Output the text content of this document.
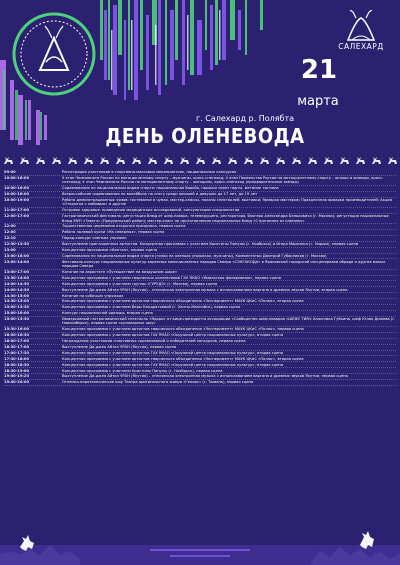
САЛЕХАРД
21
марта
г. Салехард р. Полябта
ДЕНЬ ОЛЕНЕВОДА
09:00	Регистрация участников в спортивно-массовых мероприятиях, национальных конкурсах
10:00-16:00	5 этап Чемпионата России по мотоциклетному спорту – мужчины, кросс-снегоход; 4 этап Первенства России по мотоциклетному спорту – юноши и юниоры, кросс-снегоход; 4 этап Чемпионата России по мотоциклетному спорту – женщины, кросс-снегоход (предварительные заезды)
10:00-16:00	Соревнования по национальным видам спорта: национальная борьба, прыжки через нарты, метание тынзяна
10:00-16:00	Всероссийские соревнования по волейболу на снегу среди юношей и девушек до 17 лет, до 19 лет
10:00-19:00	Работа демонстрационных чумов: гостеванье в чумах, мастер-классы, показы спектаклей, выставки; Ярмарка мастеров; Праздничная ярмарка производителей; Акция «Открытка с любовью» и другие
11:00-17:00	Островок здоровья: проведение медицинских исследований, консультации специалистов
12:00-17:00	Гастрономический фестиваль: дегустация блюд от шеф-повара, телеведущего, ресторатора, блогера Александра Бельковича (г. Москва); дегустация национальных блюд МУП «Тавэтэ» (Приуральский район); мастер-класс по приготовлению национальных блюд «Строганина из оленины»
12:00	Торжественная церемония открытия праздника, первая сцена
12:00	Работа полевой кухни «На северных», первая сцена
12:10	Парад-конкурс оленьих упряжек
12:30-13:30	Выступление приглашенных артистов. Концертная программа с участием Кристины Пипулы (г. Ноябрьск) и Игоря Марочека (г. Надым), первая сцена
13:00	Концертная программа «Фонтан», первая сцена
13:00-18:00	Соревнования по национальным видам спорта (гонки на оленьих упряжках, мужчины), Комментатор Дмитрий Губарников (г. Москва)
13:00-14:00	Фестиваль-конкурс национальных культур коренных малочисленных народов Севера «СЭНГАКОДА» в Ярановской городской инсценировки обряда и других малых народов Севера
13:00-17:00	Катание на аэростате «Путешествие на воздушном шаре»
13:30-14:00	Концертная программа с участием творческих коллективов ГАУ ЯНАО «Ямальская филармония», первая сцена
14:00-14:30	Концертная программа с участием группы «ГУРУДЭ» (г. Москва), первая сцена
14:00-14:30	Выступление Ди-джея Айтал УРАН (Якутия) – этническая электронная музыка с использованием варгана и древних звуков Якутии, вторая сцена
14:30-15:00	Катание на собачьих упряжках
14:30-15:00	Концертная программа с участием артистов творческого объединения «Эксперимент» МАУК ЦКиС «Полюс», вторая сцена
15:00-15:30	Концертная программа с участием Веры Кондратьевой (г. Ханты-Мансийск), первая сцена
15:00-16:00	Конкурс национальной одежды, вторая сцена
15:00-15:30	Иммерсивный гастрономический спектакль «Ядори» от вице-президента ассоциации «Сообщество шеф-поваров «ШЕФС ТИМ» Анжелика Губкина, шеф Юлия Дижева (г. Новосибирск), первая сцена «кулинарные шоу»
15:30-16:00	Концертная программа с участием артистов творческого объединения «Эксперимент» МАУК ЦКиС «Полюс», первая сцена
16:00-16:30	Концертная программа с участием артистов ГАУ ЯНАО «Окружной центр национальных культур», вторая сцена
16:00-17:00	Награждение участников спортивных соревнований и победителей конкурсов, первая сцена
16:30-17:00	Выступление Ди-джея Айтал УРАН (Якутия), первая сцена
17:00-17:30	Концертная программа с участием артистов ГАУ ЯНАО «Окружной центр национальных культур», вторая сцена
17:30-18:00	Концертная программа с участием артистов творческого объединения «Эксперимент» МАУК ЦКиС «Полюс», вторая сцена
18:00-18:30	Концертная программа с участием артистов ГАУ ЯНАО «Окружной центр национальных культур», вторая сцена
18:30-19:00	Концертная программа с участием Кристины Пипулы (г. Ноябрьск), первая сцена
19:00-19:20	Выступление Ди-джея Айтал УРАН (Якутия) – этническая электронная музыка с использованием варгана и древних звуков Якутии, первая сцена
19:40-20:00	Огненно-пиротехническое шоу Театра оригинального жанра «Гелиос» (г. Тюмень), первая сцена
